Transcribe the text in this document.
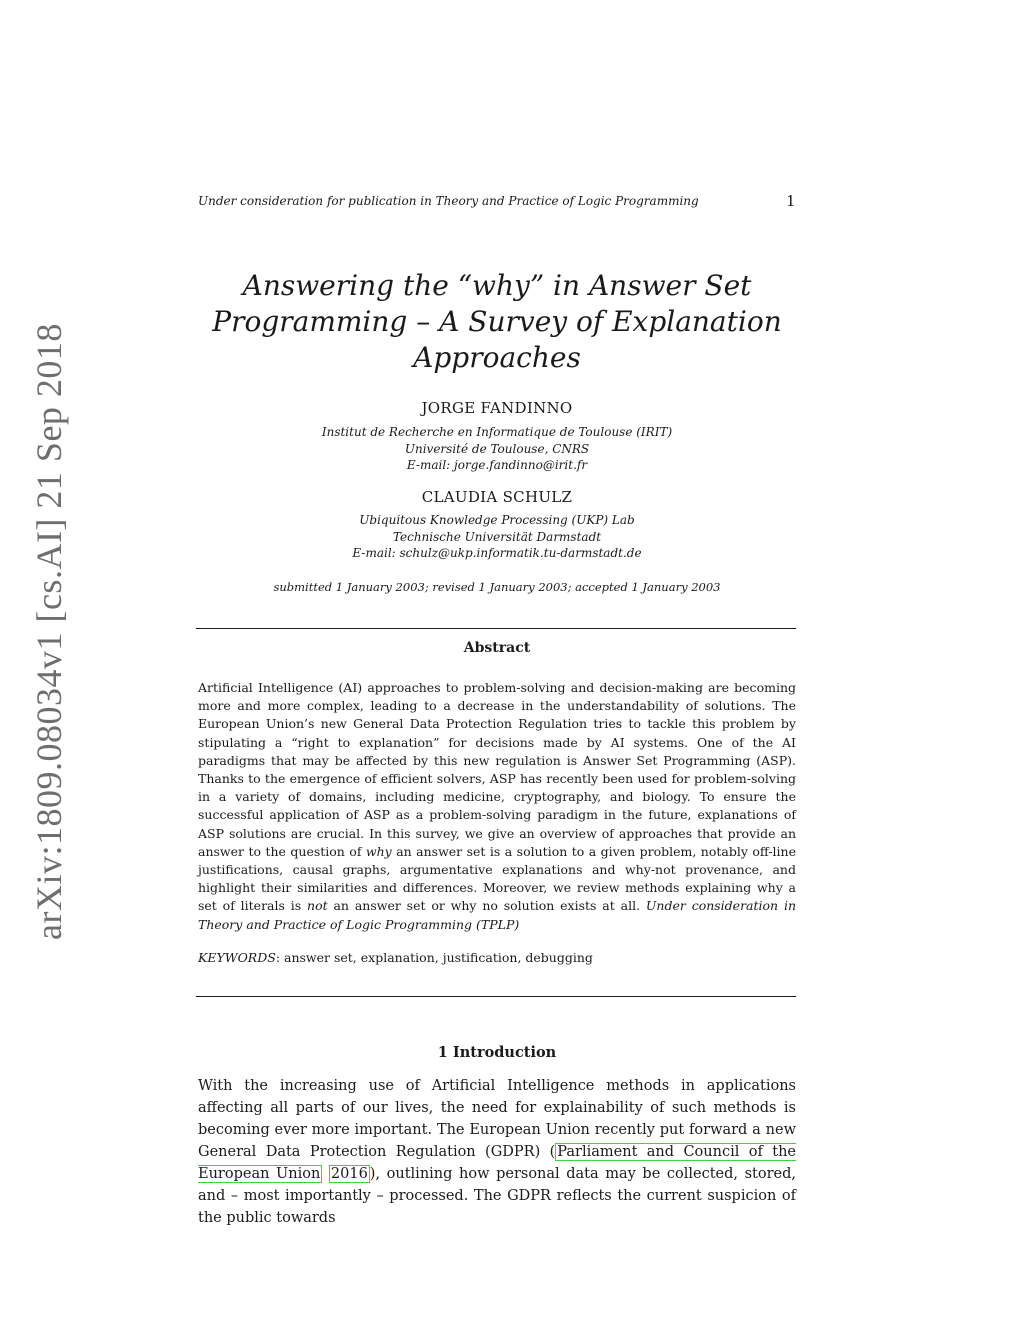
Under consideration for publication in Theory and Practice of Logic Programming	1
arXiv:1809.08034v1 [cs.AI] 21 Sep 2018
Answering the “why” in Answer Set
Programming – A Survey of Explanation
Approaches
JORGE FANDINNO
Institut de Recherche en Informatique de Toulouse (IRIT)
Université de Toulouse, CNRS
E-mail: jorge.fandinno@irit.fr
CLAUDIA SCHULZ
Ubiquitous Knowledge Processing (UKP) Lab
Technische Universität Darmstadt
E-mail: schulz@ukp.informatik.tu-darmstadt.de
submitted 1 January 2003; revised 1 January 2003; accepted 1 January 2003
Abstract
Artificial Intelligence (AI) approaches to problem-solving and decision-making are becoming more and more complex, leading to a decrease in the understandability of solutions. The European Union’s new General Data Protection Regulation tries to tackle this problem by stipulating a “right to explanation” for decisions made by AI systems. One of the AI paradigms that may be affected by this new regulation is Answer Set Programming (ASP). Thanks to the emergence of efficient solvers, ASP has recently been used for problem-solving in a variety of domains, including medicine, cryptography, and biology. To ensure the successful application of ASP as a problem-solving paradigm in the future, explanations of ASP solutions are crucial. In this survey, we give an overview of approaches that provide an answer to the question of why an answer set is a solution to a given problem, notably off-line justifications, causal graphs, argumentative explanations and why-not provenance, and highlight their similarities and differences. Moreover, we review methods explaining why a set of literals is not an answer set or why no solution exists at all. Under consideration in Theory and Practice of Logic Programming (TPLP)
KEYWORDS: answer set, explanation, justification, debugging
1 Introduction
With the increasing use of Artificial Intelligence methods in applications affecting all parts of our lives, the need for explainability of such methods is becoming ever more important. The European Union recently put forward a new General Data Protection Regulation (GDPR) ( Parliament and Council of the European Union 2016 ), outlining how personal data may be collected, stored, and – most importantly – processed. The GDPR reflects the current suspicion of the public towards
